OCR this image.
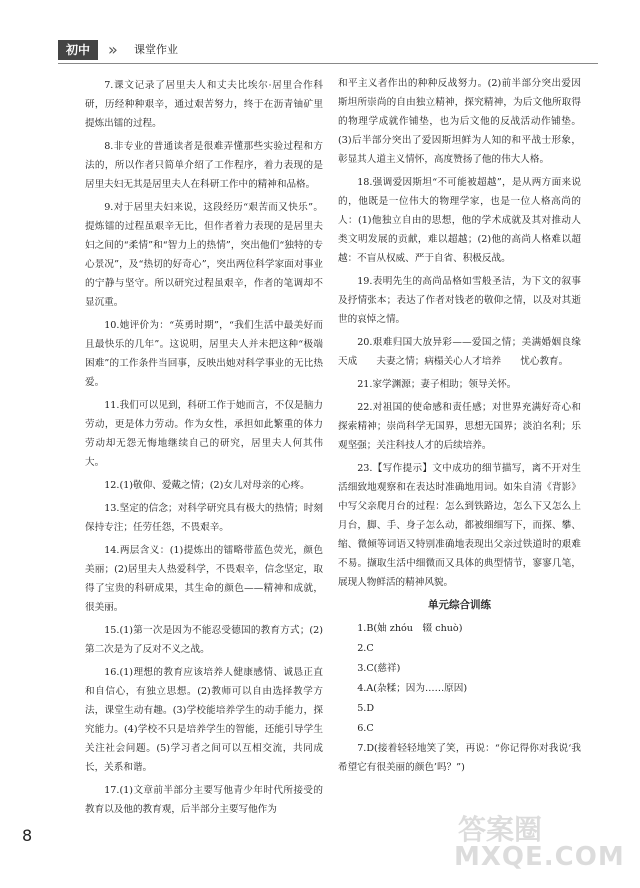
初中	» 课堂作业

7.课文记录了居里夫人和丈夫比埃尔·居里合作科研，历经种种艰辛，通过艰苦努力，终于在沥青铀矿里提炼出镭的过程。

8.非专业的普通读者是很难弄懂那些实验过程和方法的，所以作者只简单介绍了工作程序，着力表现的是居里夫妇无其是居里夫人在科研工作中的精神和品格。

9.对于居里夫妇来说，这段经历“艰苦而又快乐”。提炼镭的过程虽艰辛无比，但作者着力表现的是居里夫妇之间的“柔情”和“智力上的热情”，突出他们“独特的专心景况”，及“热切的好奇心”，突出两位科学家面对事业的宁静与坚守。所以研究过程虽艰辛，作者的笔调却不显沉重。

10.她评价为：“英勇时期”，“我们生活中最美好而且最快乐的几年”。这说明，居里夫人并未把这种“极端困难”的工作条件当回事，反映出她对科学事业的无比热爱。

11.我们可以见到，科研工作于她而言，不仅是脑力劳动，更是体力劳动。作为女性，承担如此繁重的体力劳动却无怨无悔地继续自己的研究，居里夫人何其伟大。

12.(1)敬仰、爱戴之情；(2)女儿对母亲的心疼。

13.坚定的信念；对科学研究具有极大的热情；时刻保持专注；任劳任怨，不畏艰辛。

14.两层含义：(1)提炼出的镭略带蓝色荧光，颜色美丽；(2)居里夫人热爱科学，不畏艰辛，信念坚定，取得了宝贵的科研成果，其生命的颜色——精神和成就，很美丽。

15.(1)第一次是因为不能忍受德国的教育方式；(2)第二次是为了反对不义之战。

16.(1)理想的教育应该培养人健康感情、诚恳正直和自信心，有独立思想。(2)教师可以自由选择教学方法，课堂生动有趣。(3)学校能培养学生的动手能力，探究能力。(4)学校不只是培养学生的智能，还能引导学生关注社会问题。(5)学习者之间可以互相交流，共同成长，关系和谐。

17.(1)文章前半部分主要写他青少年时代所接受的教育以及他的教育观，后半部分主要写他作为

和平主义者作出的种种反战努力。(2)前半部分突出爱因斯坦所崇尚的自由独立精神，探究精神，为后文他所取得的物理学成就作铺垫，也为后文他的反战活动作铺垫。(3)后半部分突出了爱因斯坦鲜为人知的和平战士形象，彰显其人道主义情怀，高度赞扬了他的伟大人格。

18.强调爱因斯坦“不可能被超越”，是从两方面来说的，他既是一位伟大的物理学家，也是一位人格高尚的人：(1)他独立自由的思想，他的学术成就及其对推动人类文明发展的贡献，难以超越；(2)他的高尚人格难以超越：不盲从权威、严于自省、积极反战。

19.表明先生的高尚品格如雪般圣洁，为下文的叙事及抒情张本；表达了作者对钱老的敬仰之情，以及对其逝世的哀悼之情。

20.艰难归国大放异彩——爱国之情；美满婚姻良缘天成　　夫妻之情；病榻关心人才培养　　忧心教育。

21.家学渊源；妻子相助；领导关怀。

22.对祖国的使命感和责任感；对世界充满好奇心和探索精神；崇尚科学无国界，思想无国界；淡泊名利；乐观坚强；关注科技人才的后续培养。

23.【写作提示】文中成功的细节描写，离不开对生活细致地观察和在表达时准确地用词。如朱自清《背影》中写父亲爬月台的过程：怎么到铁路边，怎么下又怎么上月台，脚、手、身子怎么动，都被细细写下，而探、攀、缩、微倾等词语又特别准确地表现出父亲过铁道时的艰难不易。撷取生活中细微而又具体的典型情节，寥寥几笔，展现人物鲜活的精神风貌。

单元综合训练

1.B(妯 zhóu　辍 chuò)

2.C

3.C(慈祥)

4.A(杂糅；因为……原因)

5.D

6.C

7.D(接着轻轻地笑了笑，再说：“你记得你对我说‘我希望它有很美丽的颜色’吗？”)

8	答案圈
MXQE.COM
